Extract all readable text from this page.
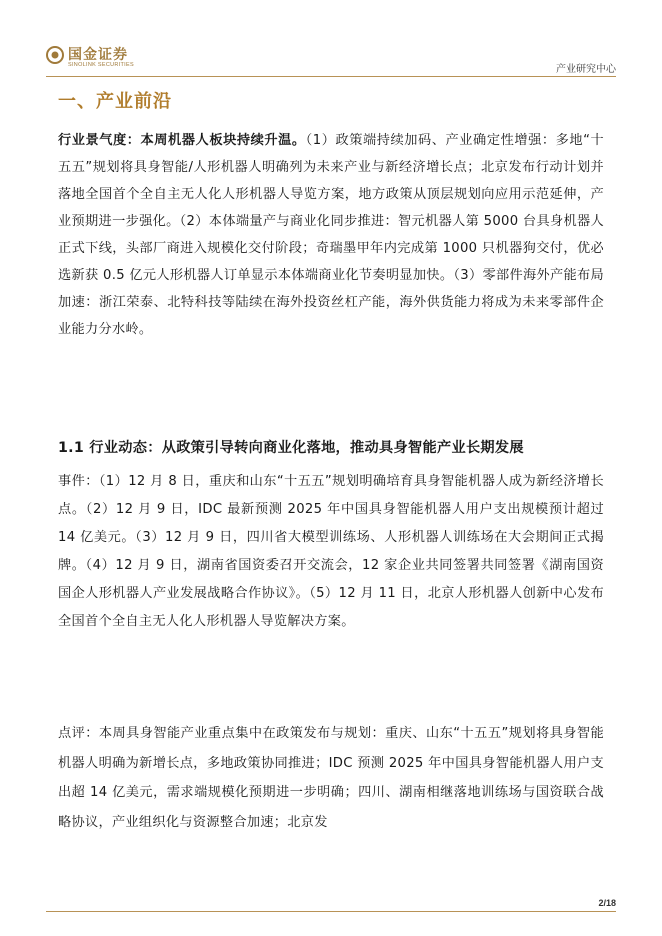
国金证券
SINOLINK SECURITIES	产业研究中心
一、产业前沿

行业景气度：本周机器人板块持续升温。（1）政策端持续加码、产业确定性增强：多地“十五五”规划将具身智能/人形机器人明确列为未来产业与新经济增长点；北京发布行动计划并落地全国首个全自主无人化人形机器人导览方案，地方政策从顶层规划向应用示范延伸，产业预期进一步强化。（2）本体端量产与商业化同步推进：智元机器人第 5000 台具身机器人正式下线，头部厂商进入规模化交付阶段；奇瑞墨甲年内完成第 1000 只机器狗交付，优必选新获 0.5 亿元人形机器人订单显示本体端商业化节奏明显加快。（3）零部件海外产能布局加速：浙江荣泰、北特科技等陆续在海外投资丝杠产能，海外供货能力将成为未来零部件企业能力分水岭。

1.1 行业动态：从政策引导转向商业化落地，推动具身智能产业长期发展

事件：（1）12 月 8 日，重庆和山东“十五五”规划明确培育具身智能机器人成为新经济增长点。（2）12 月 9 日，IDC 最新预测 2025 年中国具身智能机器人用户支出规模预计超过 14 亿美元。（3）12 月 9 日，四川省大模型训练场、人形机器人训练场在大会期间正式揭牌。（4）12 月 9 日，湖南省国资委召开交流会，12 家企业共同签署共同签署《湖南国资国企人形机器人产业发展战略合作协议》。（5）12 月 11 日，北京人形机器人创新中心发布全国首个全自主无人化人形机器人导览解决方案。

点评：本周具身智能产业重点集中在政策发布与规划：重庆、山东“十五五”规划将具身智能机器人明确为新增长点，多地政策协同推进；IDC 预测 2025 年中国具身智能机器人用户支出超 14 亿美元，需求端规模化预期进一步明确；四川、湖南相继落地训练场与国资联合战略协议，产业组织化与资源整合加速；北京发

2/18
